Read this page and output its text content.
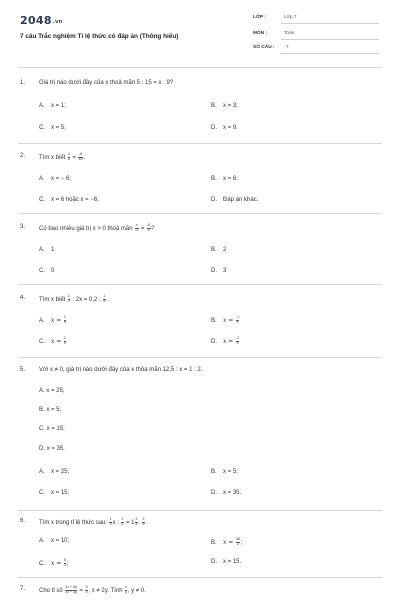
2048.vn
7 câu Trắc nghiệm Tỉ lệ thức có đáp án (Thông hiểu)
LỚP :	Lớp 7
MÔN :	Toán
SỐ CÂU : 7
1. Giá trị nào dưới đây của x thoả mãn 5 : 15 = x : 9?
A. x = 1;	B. x = 3;
C. x = 5;	D. x = 9.
2. Tìm x biết $\frac{x}{5} = \frac{-6}{15}$ .
A. x = − 6;	B. x = 6;
C. x = 6 hoặc x = −6;	D. Đáp án khác.
3. Có bao nhiêu giá trị x > 0 thoả mãn $\frac{x}{-2} = \frac{-8}{x}$ ?
A. 1	B. 2
C. 0	D. 3
4. Tìm x biết $\frac{1}{2}$ : 2x = 0,2 : $\frac{1}{4}$ .
A. $x = \frac{1}{4}$	B. $x = \frac{-1}{4}$
C. $x = \frac{1}{5}$	D. $x = \frac{-1}{5}$
5. Với x ≠ 0, giá trị nào dưới đây của x thỏa mãn 12,5 : x = 1 : 2.
A. x = 25;
B. x = 5;
C. x = 15;
D. x = 35.
A. x = 25;	B. x = 5;
C. x = 15;	D. x = 35.
6. Tìm x trong tỉ lệ thức sau: $\frac{1}{3}$ x : $\frac{2}{3} = 1 \frac{3}{4}$ : $\frac{2}{5}$ .
A. x = 10;	B. $x = \frac{35}{2}$ ;
C. $x = \frac{5}{3}$ ;	D. x = 15.
7. Cho tỉ số $\frac{2x + 6y}{2x - 3y} = \frac{5}{2}$ , x ≠ 2y. Tính $\frac{x}{y}$ , y ≠ 0.
